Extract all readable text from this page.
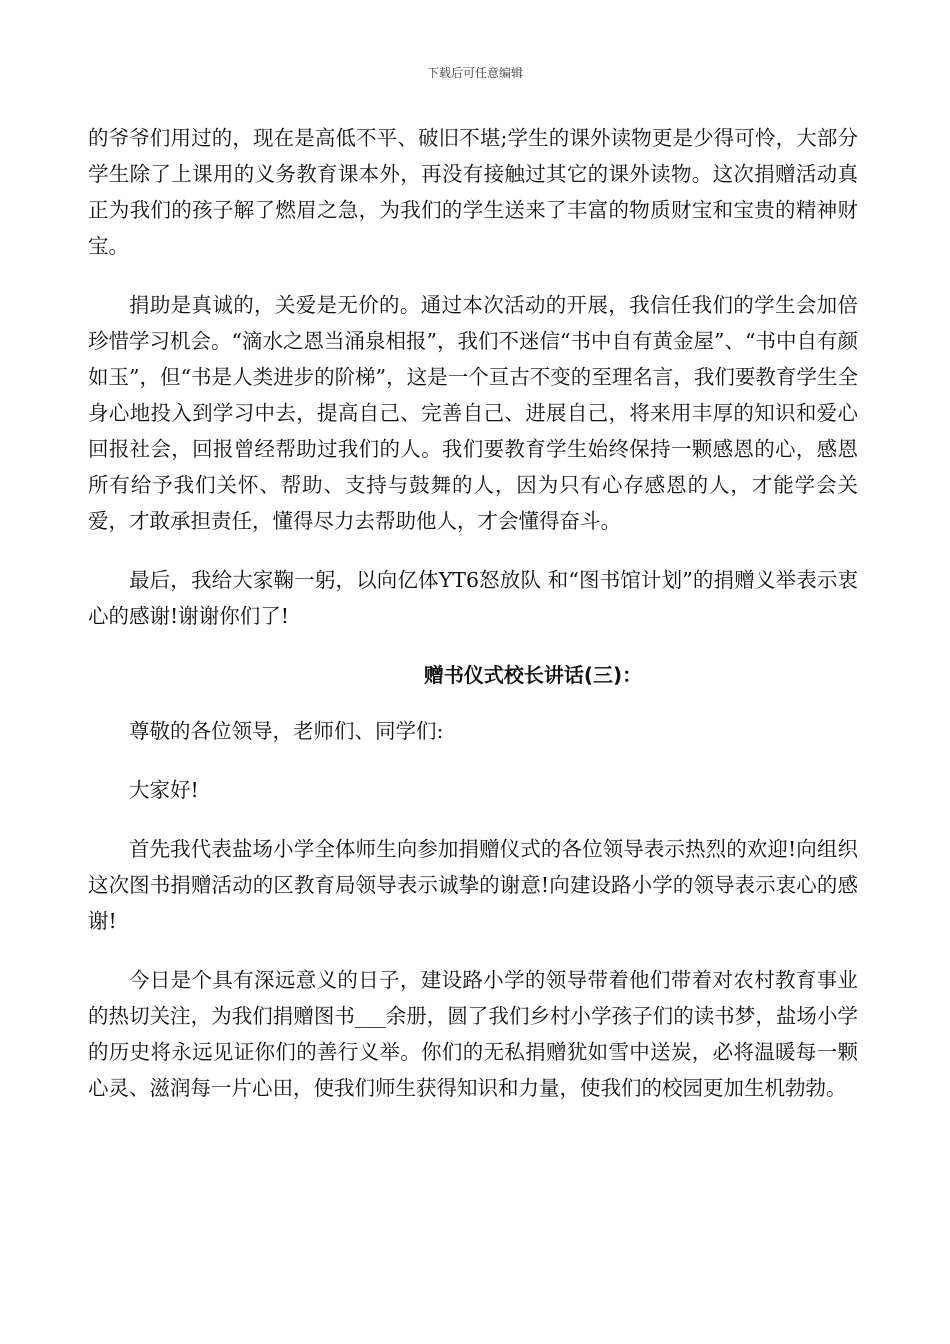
下载后可任意编辑

的爷爷们用过的，现在是高低不平、破旧不堪;学生的课外读物更是少得可怜，大部分学生除了上课用的义务教育课本外，再没有接触过其它的课外读物。这次捐赠活动真正为我们的孩子解了燃眉之急，为我们的学生送来了丰富的物质财宝和宝贵的精神财宝。

捐助是真诚的，关爱是无价的。通过本次活动的开展，我信任我们的学生会加倍珍惜学习机会。“滴水之恩当涌泉相报”，我们不迷信“书中自有黄金屋”、“书中自有颜如玉”，但“书是人类进步的阶梯”，这是一个亘古不变的至理名言，我们要教育学生全身心地投入到学习中去，提高自己、完善自己、进展自己，将来用丰厚的知识和爱心回报社会，回报曾经帮助过我们的人。我们要教育学生始终保持一颗感恩的心，感恩所有给予我们关怀、帮助、支持与鼓舞的人，因为只有心存感恩的人，才能学会关爱，才敢承担责任，懂得尽力去帮助他人，才会懂得奋斗。

最后，我给大家鞠一躬，以向亿体YT6怒放队 和“图书馆计划”的捐赠义举表示衷心的感谢!谢谢你们了!

赠书仪式校长讲话(三)：

尊敬的各位领导，老师们、同学们:

大家好!

首先我代表盐场小学全体师生向参加捐赠仪式的各位领导表示热烈的欢迎!向组织这次图书捐赠活动的区教育局领导表示诚挚的谢意!向建设路小学的领导表示衷心的感谢!

今日是个具有深远意义的日子，建设路小学的领导带着他们带着对农村教育事业的热切关注，为我们捐赠图书___余册，圆了我们乡村小学孩子们的读书梦，盐场小学的历史将永远见证你们的善行义举。你们的无私捐赠犹如雪中送炭，必将温暖每一颗心灵、滋润每一片心田，使我们师生获得知识和力量，使我们的校园更加生机勃勃。
